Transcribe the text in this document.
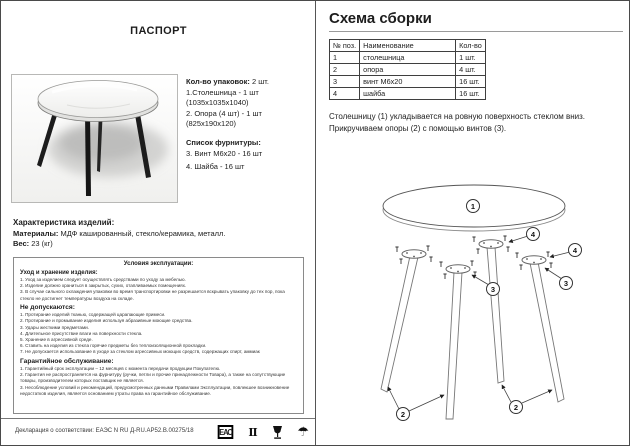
ПАСПОРТ
Кол-во упаковок: 2 шт.
1.Столешница - 1 шт
(1035х1035х1040)
2. Опора (4 шт) - 1 шт
(825х190х120)
Список фурнитуры:
3. Винт М6х20 - 16 шт
4. Шайба - 16 шт
Характеристика изделий:
Материалы: МДФ кашированный, стекло/керамика, металл.
Вес: 23 (кг)
Условия эксплуатации:
Уход и хранение изделия:
1. Уход за изделием следует осуществлять средствами по уходу за мебелью.
2. Изделие должно храниться в закрытых, сухих, отапливаемых помещениях.
3. В случае сильного охлаждения упаковки во время транспортировки не разрешается вскрывать упаковку до тех пор, пока стекло не достигнет температуры воздуха на складе.
Не допускаются:
1. Протирание изделий тканью, содержащей царапающие примеси.
2. Протирание и промывание изделия используя абразивные моющие средства.
3. Удары жесткими предметами.
4. Длительное присутствие влаги на поверхности стекла.
5. Хранение в агрессивной среде.
6. Ставить на изделия из стекла горячие предметы без теплоизоляционной прокладки.
7. Не допускается использование в уходе за стеклом агрессивных моющих средств, содержащих спирт, аммиак
Гарантийное обслуживание:
1. Гарантийный срок эксплуатации – 12 месяцев с момента передачи продукции Покупателю.
2. Гарантия не распространяется на фурнитуру (ручки, петли и прочие принадлежности Товара), а также на сопутствующие товары, производителем которых поставщик не является.
3. Несоблюдение условий и рекомендаций, предусмотренных данными Правилами Эксплуатации, повлекшее возникновение недостатков изделия, является основанием утраты права на гарантийное обслуживание.
Декларация о соответствии: ЕАЭС N RU Д-RU.АР52.В.00275/18	ЕАС Ⅱ	☂
Схема сборки
№ поз.	Наименование	Кол-во
1	столешница	1 шт.
2	опора	4 шт.
3	винт М6х20	16 шт.
4	шайба	16 шт.
Столешницу (1) укладывается на ровную поверхность стеклом вниз.
Прикручиваем опоры (2) с помощью винтов (3).
1
4
4
3
3
2
2
